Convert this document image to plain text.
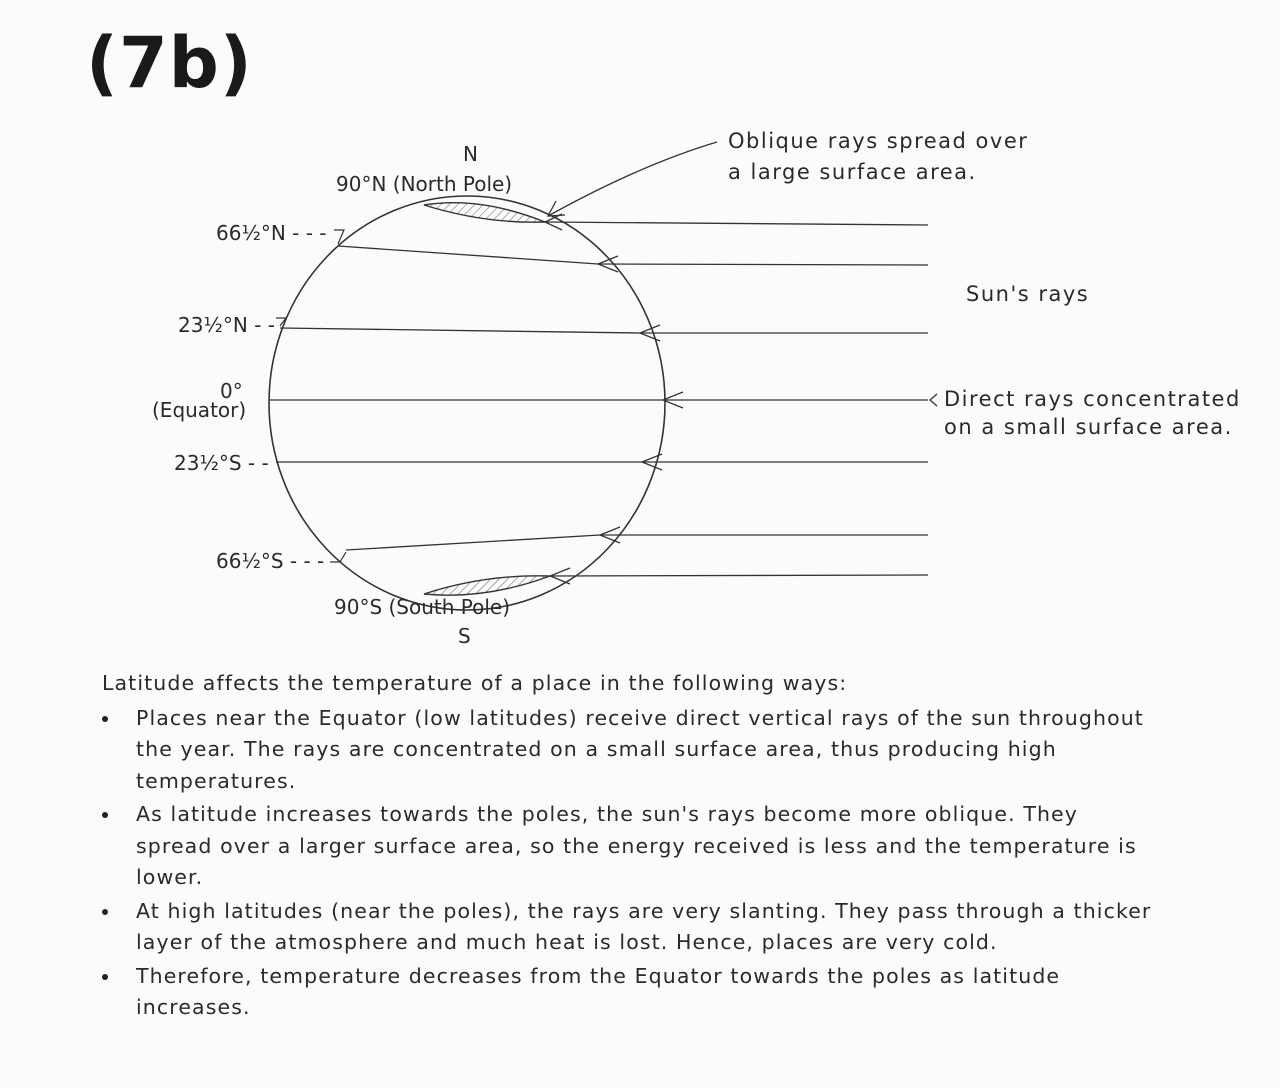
(7b)
N
90°N (North Pole)
66½°N - - -
23½°N - -
0°
(Equator)
23½°S - -
66½°S - - -
90°S (South Pole)
S
Oblique rays spread over
a large surface area.
Sun's rays
Direct rays concentrated
on a small surface area.

Latitude affects the temperature of a place in the following ways:

Places near the Equator (low latitudes) receive direct vertical rays of the sun throughout the year. The rays are concentrated on a small surface area, thus producing high temperatures.
As latitude increases towards the poles, the sun's rays become more oblique. They spread over a larger surface area, so the energy received is less and the temperature is lower.
At high latitudes (near the poles), the rays are very slanting. They pass through a thicker layer of the atmosphere and much heat is lost. Hence, places are very cold.
Therefore, temperature decreases from the Equator towards the poles as latitude increases.
